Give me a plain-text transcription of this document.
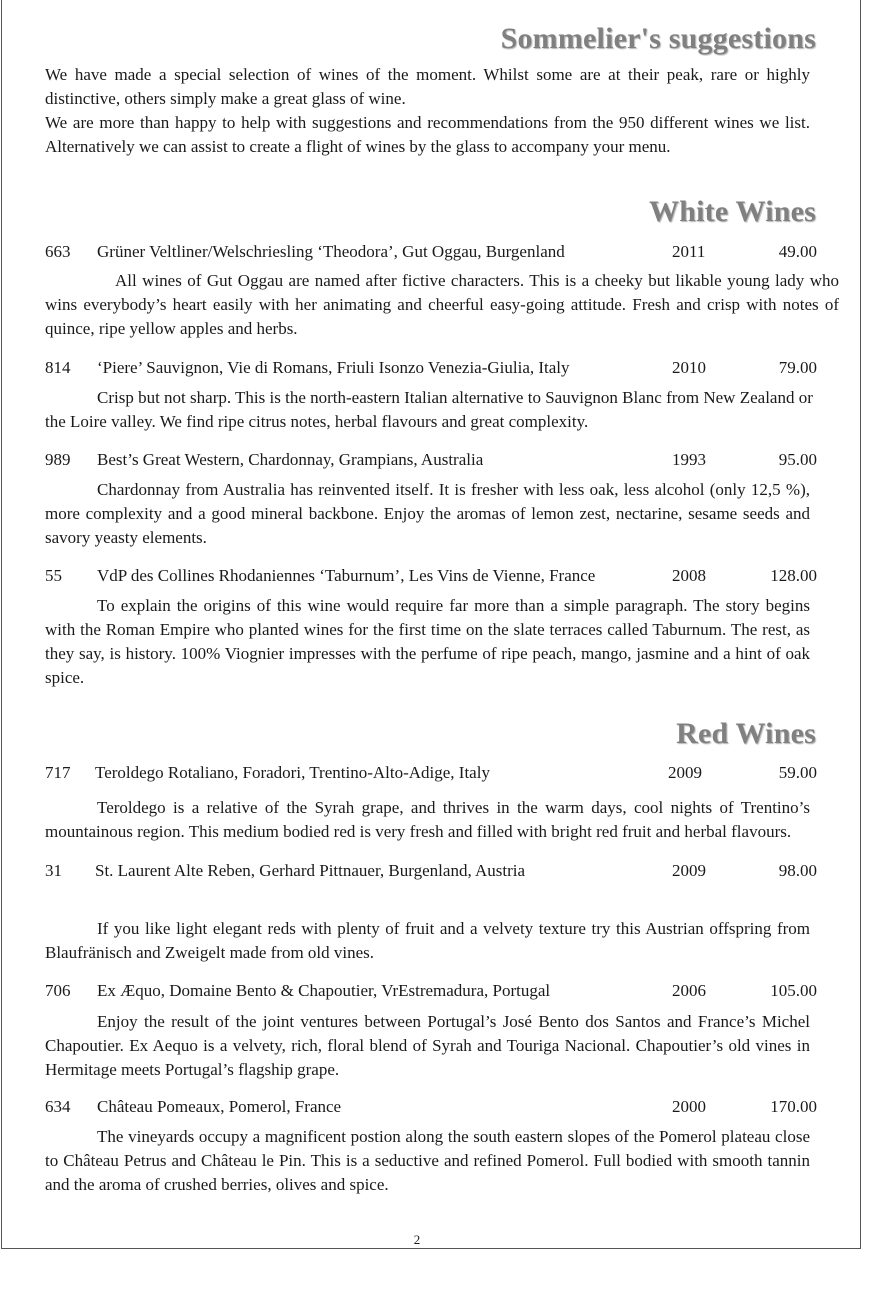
Sommelier's suggestions

We have made a special selection of wines of the moment. Whilst some are at their peak, rare or highly distinctive, others simply make a great glass of wine.

We are more than happy to help with suggestions and recommendations from the 950 different wines we list. Alternatively we can assist to create a flight of wines by the glass to accompany your menu.

White Wines
663 Grüner Veltliner/Welschriesling ‘Theodora’, Gut Oggau, Burgenland	2011	49.00

All wines of Gut Oggau are named after fictive characters. This is a cheeky but likable young lady who wins everybody’s heart easily with her animating and cheerful easy-going attitude. Fresh and crisp with notes of quince, ripe yellow apples and herbs.

814 ‘Piere’ Sauvignon, Vie di Romans, Friuli Isonzo Venezia-Giulia, Italy	2010	79.00

Crisp but not sharp. This is the north-eastern Italian alternative to Sauvignon Blanc from New Zealand or the Loire valley. We find ripe citrus notes, herbal flavours and great complexity.

989 Best’s Great Western, Chardonnay, Grampians, Australia	1993	95.00

Chardonnay from Australia has reinvented itself. It is fresher with less oak, less alcohol (only 12,5 %), more complexity and a good mineral backbone. Enjoy the aromas of lemon zest, nectarine, sesame seeds and savory yeasty elements.

55 VdP des Collines Rhodaniennes ‘Taburnum’, Les Vins de Vienne, France	2008	128.00

To explain the origins of this wine would require far more than a simple paragraph. The story begins with the Roman Empire who planted wines for the first time on the slate terraces called Taburnum. The rest, as they say, is history. 100% Viognier impresses with the perfume of ripe peach, mango, jasmine and a hint of oak spice.

Red Wines
717 Teroldego Rotaliano, Foradori, Trentino-Alto-Adige, Italy	2009	59.00

Teroldego is a relative of the Syrah grape, and thrives in the warm days, cool nights of Trentino’s mountainous region. This medium bodied red is very fresh and filled with bright red fruit and herbal flavours.

31 St. Laurent Alte Reben, Gerhard Pittnauer, Burgenland, Austria	2009	98.00

If you like light elegant reds with plenty of fruit and a velvety texture try this Austrian offspring from Blaufränisch and Zweigelt made from old vines.

706 Ex Æquo, Domaine Bento & Chapoutier, VrEstremadura, Portugal	2006	105.00

Enjoy the result of the joint ventures between Portugal’s José Bento dos Santos and France’s Michel Chapoutier. Ex Aequo is a velvety, rich, floral blend of Syrah and Touriga Nacional. Chapoutier’s old vines in Hermitage meets Portugal’s flagship grape.

634 Château Pomeaux, Pomerol, France	2000	170.00

The vineyards occupy a magnificent postion along the south eastern slopes of the Pomerol plateau close to Château Petrus and Château le Pin. This is a seductive and refined Pomerol. Full bodied with smooth tannin and the aroma of crushed berries, olives and spice.

2
